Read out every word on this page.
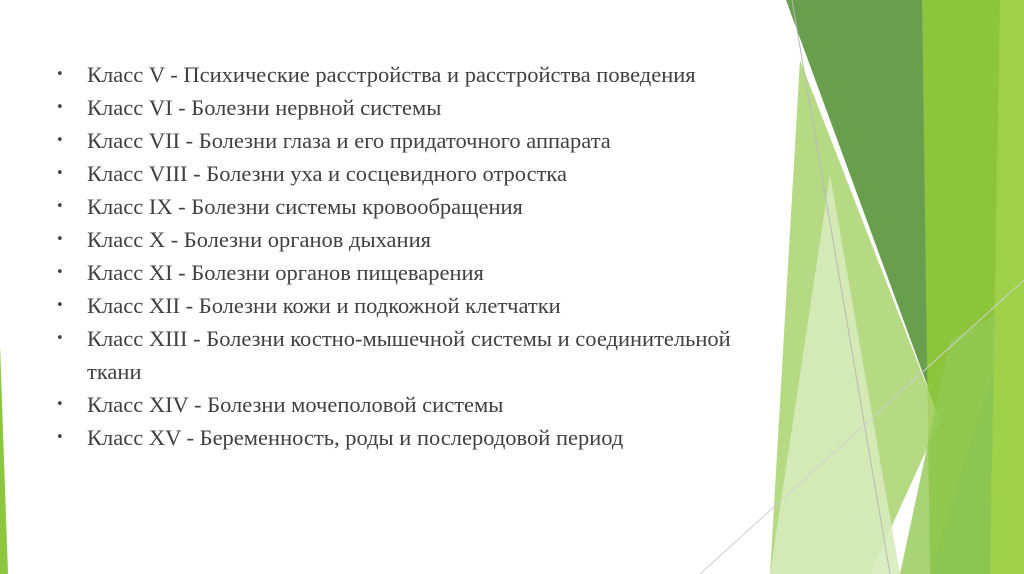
• Класс V - Психические расстройства и расстройства поведения
• Класс VI - Болезни нервной системы
• Класс VII - Болезни глаза и его придаточного аппарата
• Класс VIII - Болезни уха и сосцевидного отростка
• Класс IX - Болезни системы кровообращения
• Класс X - Болезни органов дыхания
• Класс XI - Болезни органов пищеварения
• Класс XII - Болезни кожи и подкожной клетчатки
• Класс XIII - Болезни костно-мышечной системы и соединительной ткани
• Класс XIV - Болезни мочеполовой системы
• Класс XV - Беременность, роды и послеродовой период
